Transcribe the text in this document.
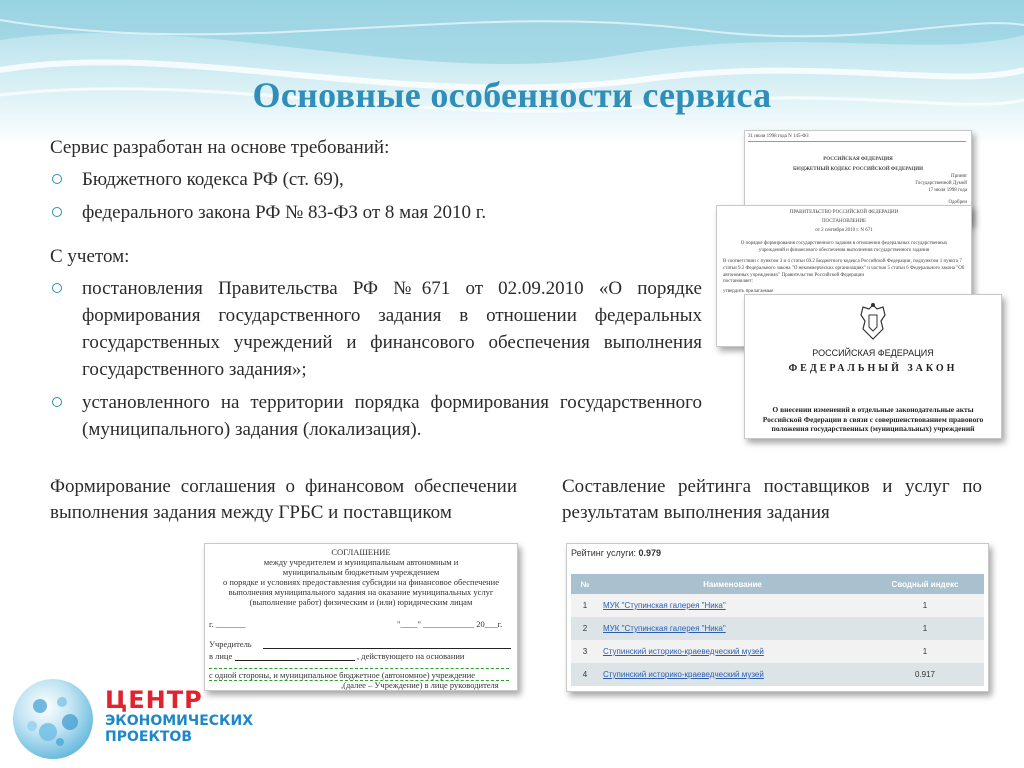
Основные особенности сервиса
Сервис разработан на основе требований:
Бюджетного кодекса РФ (ст. 69),
федерального закона РФ № 83-ФЗ от 8 мая 2010 г.
С учетом:
постановления Правительства РФ №671 от 02.09.2010 «О порядке формирования государственного задания в отношении федеральных государственных учреждений и финансового обеспечения выполнения государственного задания»;
установленного на территории порядка формирования государственного (муниципального) задания (локализация).
Формирование соглашения о финансовом обеспечении выполнения задания между ГРБС и поставщиком
Составление рейтинга поставщиков и услуг по результатам выполнения задания
31 июля 1998 года N 145-ФЗ
РОССИЙСКАЯ ФЕДЕРАЦИЯ
БЮДЖЕТНЫЙ КОДЕКС РОССИЙСКОЙ ФЕДЕРАЦИИ
Принят
Государственной Думой
17 июля 1998 года
Одобрен
ПРАВИТЕЛЬСТВО РОССИЙСКОЙ ФЕДЕРАЦИИ
ПОСТАНОВЛЕНИЕ
от 2 сентября 2010 г. N 671
О порядке формирования государственного задания в отношении федеральных государственных учреждений и финансового обеспечения выполнения государственного задания
В соответствии с пунктом 3 и 4 статьи 69.2 Бюджетного кодекса Российской Федерации, подпунктом 1 пункта 7 статьи 9.2 Федерального закона "О некоммерческих организациях" и частью 5 статьи 6 Федерального закона "Об автономных учреждениях" Правительство Российской Федерации
постановляет:
утвердить прилагаемые
РОССИЙСКАЯ ФЕДЕРАЦИЯ
ФЕДЕРАЛЬНЫЙ ЗАКОН
О внесении изменений в отдельные законодательные акты Российской Федерации в связи с совершенствованием правового положения государственных (муниципальных) учреждений
СОГЛАШЕНИЕ
между учредителем и муниципальным автономным и
муниципальным бюджетным учреждением
о порядке и условиях предоставления субсидии на финансовое обеспечение
выполнения муниципального задания на оказание муниципальных услуг
(выполнение работ) физическим и (или) юридическим лицам
г. _______	"____" ____________ 20___г.
Учредитель
в лице	, действующего на основании
с одной стороны, и муниципальное бюджетное (автономное) учреждение
,(далее – Учреждение) в лице руководителя
Рейтинг услуги: 0.979
№	Наименование	Сводный индекс
1	МУК "Ступинская галерея "Ника"	1
2	МУК "Ступинская галерея "Ника"	1
3	Ступинский историко-краеведческий музей	1
4	Ступинский историко-краеведческий музей	0.917
ЦЕНТР
ЭКОНОМИЧЕСКИХ
ПРОЕКТОВ
